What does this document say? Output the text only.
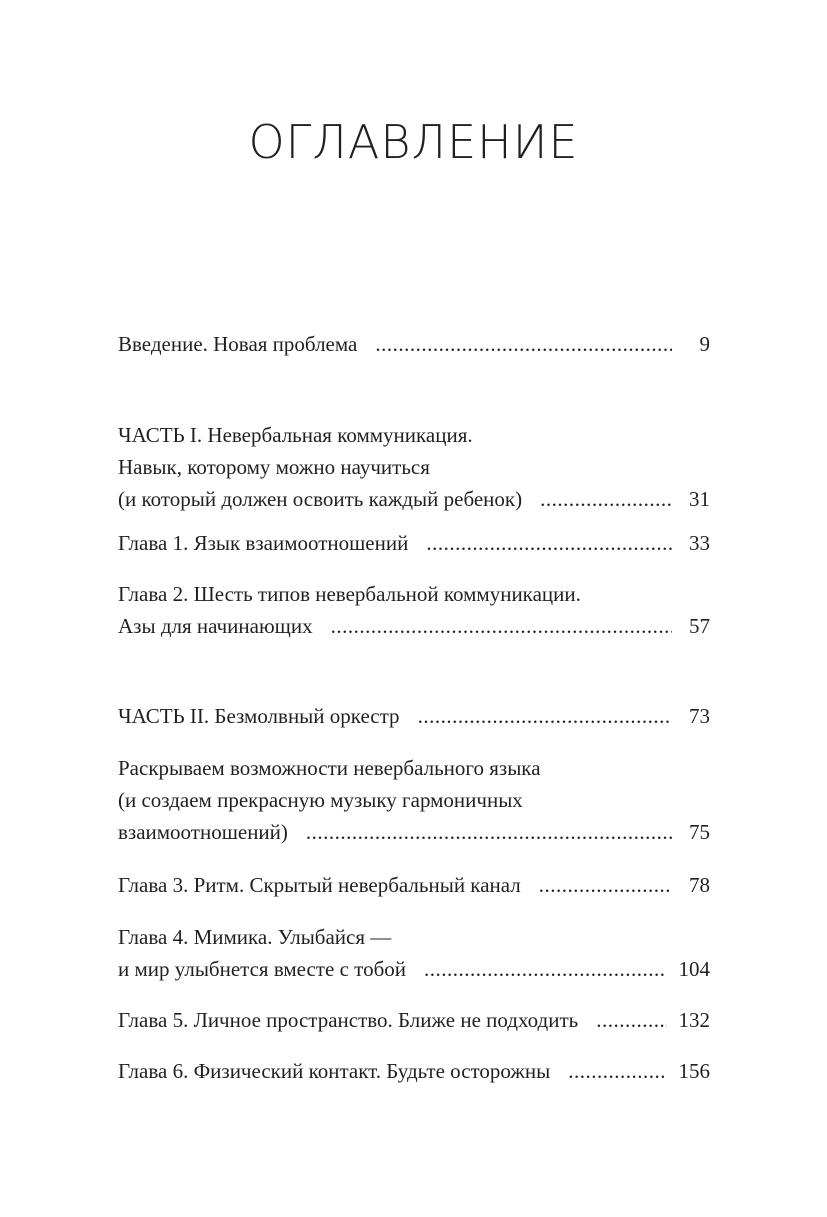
ОГЛАВЛЕНИЕ
Введение. Новая проблема .....	9
ЧАСТЬ I. Невербальная коммуникация.
Навык, которому можно научиться
(и который должен освоить каждый ребенок) .....	31
Глава 1. Язык взаимоотношений .....	33
Глава 2. Шесть типов невербальной коммуникации.
Азы для начинающих .....	57
ЧАСТЬ II. Безмолвный оркестр .....	73
Раскрываем возможности невербального языка
(и создаем прекрасную музыку гармоничных
взаимоотношений) .....	75
Глава 3. Ритм. Скрытый невербальный канал .....	78
Глава 4. Мимика. Улыбайся —
и мир улыбнется вместе с тобой .....	104
Глава 5. Личное пространство. Ближе не подходить .....	132
Глава 6. Физический контакт. Будьте осторожны .....	156
